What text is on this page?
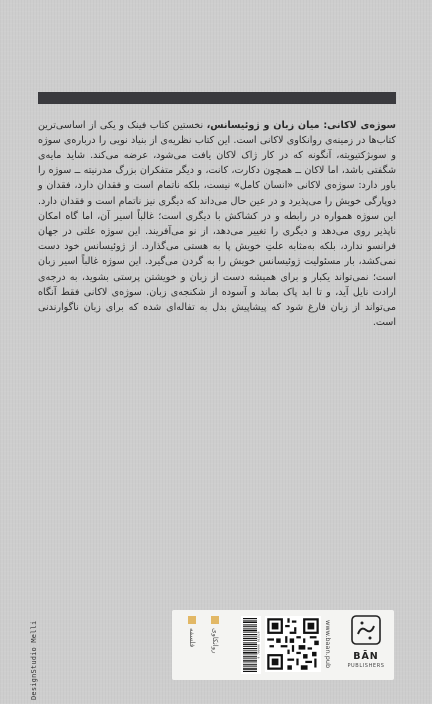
سوژه‌ی لاکانی: میان زبان و ژوئیسانس، نخستین کتاب فینک و یکی از اساسی‌ترین کتاب‌ها در زمینه‌ی روانکاوی لاکانی است. این کتاب نظریه‌ی از بنیاد نویی را درباره‌ی سوژه و سوبژکتیویته، آنگونه که در کار ژاک لاکان یافت می‌شود، عرضه می‌کند. شاید مایه‌ی شگفتی باشد، اما لاکان ــ همچون دکارت، کانت، و دیگر متفکران بزرگ مدرنیته ــ سوژه را باور دارد: سوژه‌ی لاکانی «انسان کامل» نیست، بلکه ناتمام است و فقدان دارد، فقدان و دوپارگی خویش را می‌پذیرد و در عین حال می‌داند که دیگری نیز ناتمام است و فقدان دارد. این سوژه همواره در رابطه و در کشاکش با دیگری است؛ غالباً اسیر آن، اما گاه امکان ناپذیر روی می‌دهد و دیگری را تغییر می‌دهد، از نو می‌آفریند. این سوژه علتی در جهان فرانسو ندارد، بلکه به‌مثابه علتِ خویش پا به هستی می‌گذارد. از ژوئیسانس خود دست نمی‌کشد، بار مسئولیت ژوئیسانس خویش را به گردن می‌گیرد. این سوژه غالباً اسیر زبان است؛ نمی‌تواند یکبار و برای همیشه دست از زبان و خویشتن پرستی بشوید، به درجه‌ی ارادت نایل آید، و تا ابد پاک بماند و آسوده از شکنجه‌ی زبان. سوژه‌ی لاکانی فقط آنگاه می‌تواند از زبان فارغ شود که پیشاپیش بدل به تفاله‌ای شده که برای زبان ناگوارندنی است.

DesignStudio Melli	فلسفه روانکاوی	9 786006 932526	www.baan.pub	BĀN
PUBLISHERS
